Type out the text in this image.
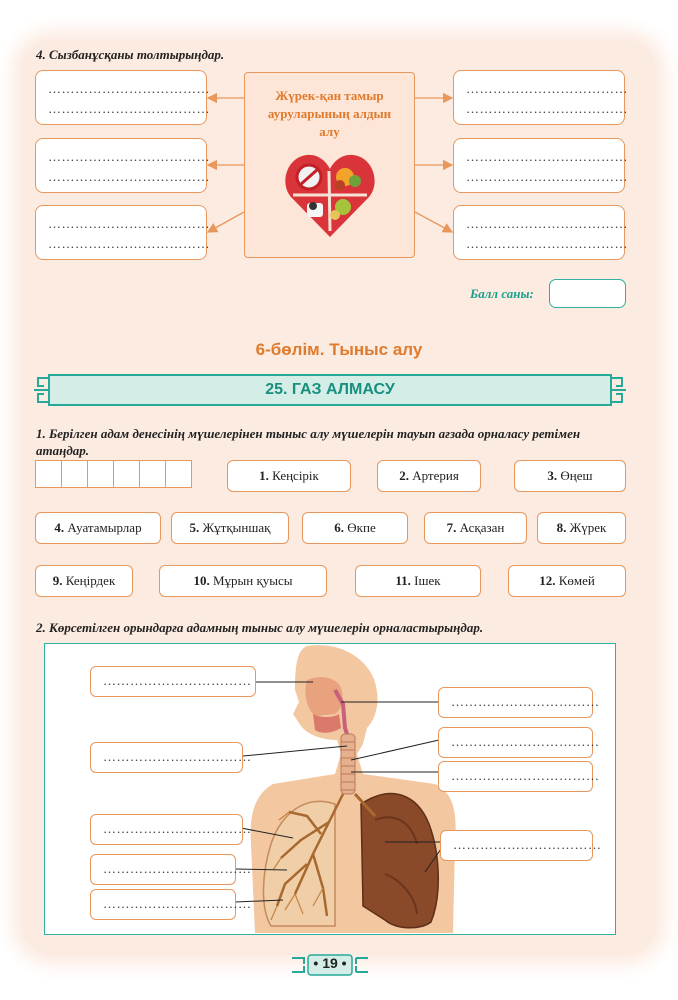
4. Сызбанұсқаны толтырыңдар.
………………………………
………………………………
………………………………
………………………………
………………………………
………………………………
………………………………
………………………………
………………………………
………………………………
………………………………
………………………………
Жүрек-қан тамыр ауруларының алдын алу
Балл саны:
6-бөлім. Тыныс алу
25. ГАЗ АЛМАСУ
1. Берілген адам денесінің мүшелерінен тыныс алу мүшелерін тауып ағзада орналасу ретімен атаңдар.
1. Кеңсірік	2. Артерия	3. Өңеш
4. Ауатамырлар	5. Жұтқыншақ	6. Өкпе	7. Асқазан	8. Жүрек
9. Кеңірдек	10. Мұрын қуысы	11. Ішек	12. Көмей
2. Көрсетілген орындарға адамның тыныс алу мүшелерін орналастырыңдар.
……………………………
……………………………
……………………………
……………………………
……………………………
……………………………
……………………………
……………………………
……………………………
• 19 •
